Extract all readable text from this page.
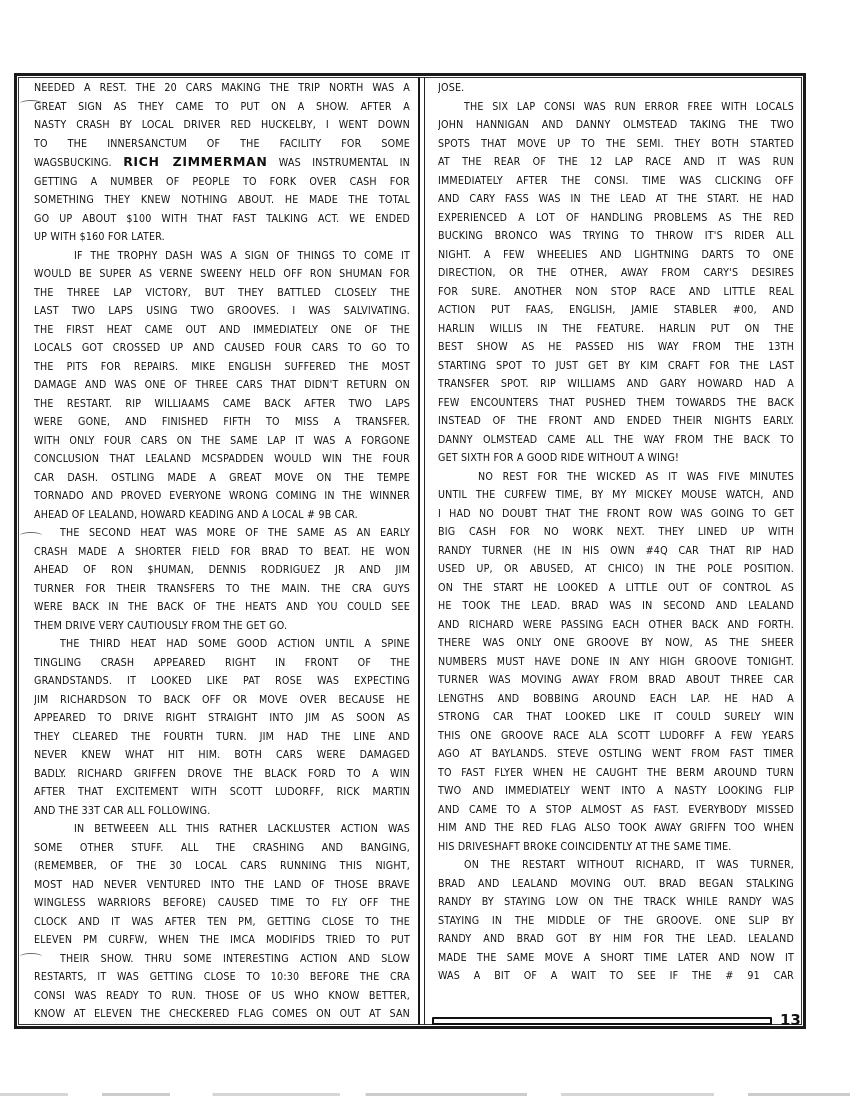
NEEDED A REST. THE 20 CARS MAKING THE TRIP NORTH WAS A
GREAT SIGN AS THEY CAME TO PUT ON A SHOW. AFTER A
NASTY CRASH BY LOCAL DRIVER RED HUCKELBY, I WENT DOWN
TO THE INNERSANCTUM OF THE FACILITY FOR SOME
WAGSBUCKING. RICH ZIMMERMAN WAS INSTRUMENTAL IN
GETTING A NUMBER OF PEOPLE TO FORK OVER CASH FOR
SOMETHING THEY KNEW NOTHING ABOUT. HE MADE THE TOTAL
GO UP ABOUT $100 WITH THAT FAST TALKING ACT. WE ENDED
UP WITH $160 FOR LATER.
IF THE TROPHY DASH WAS A SIGN OF THINGS TO COME IT
WOULD BE SUPER AS VERNE SWEENY HELD OFF RON SHUMAN FOR
THE THREE LAP VICTORY, BUT THEY BATTLED CLOSELY THE
LAST TWO LAPS USING TWO GROOVES. I WAS SALVIVATING.
THE FIRST HEAT CAME OUT AND IMMEDIATELY ONE OF THE
LOCALS GOT CROSSED UP AND CAUSED FOUR CARS TO GO TO
THE PITS FOR REPAIRS. MIKE ENGLISH SUFFERED THE MOST
DAMAGE AND WAS ONE OF THREE CARS THAT DIDN'T RETURN ON
THE RESTART. RIP WILLIAAMS CAME BACK AFTER TWO LAPS
WERE GONE, AND FINISHED FIFTH TO MISS A TRANSFER.
WITH ONLY FOUR CARS ON THE SAME LAP IT WAS A FORGONE
CONCLUSION THAT LEALAND MCSPADDEN WOULD WIN THE FOUR
CAR DASH. OSTLING MADE A GREAT MOVE ON THE TEMPE
TORNADO AND PROVED EVERYONE WRONG COMING IN THE WINNER
AHEAD OF LEALAND, HOWARD KEADING AND A LOCAL # 9B CAR.
THE SECOND HEAT WAS MORE OF THE SAME AS AN EARLY
CRASH MADE A SHORTER FIELD FOR BRAD TO BEAT. HE WON
AHEAD OF RON $HUMAN, DENNIS RODRIGUEZ JR AND JIM
TURNER FOR THEIR TRANSFERS TO THE MAIN. THE CRA GUYS
WERE BACK IN THE BACK OF THE HEATS AND YOU COULD SEE
THEM DRIVE VERY CAUTIOUSLY FROM THE GET GO.
THE THIRD HEAT HAD SOME GOOD ACTION UNTIL A SPINE
TINGLING CRASH APPEARED RIGHT IN FRONT OF THE
GRANDSTANDS. IT LOOKED LIKE PAT ROSE WAS EXPECTING
JIM RICHARDSON TO BACK OFF OR MOVE OVER BECAUSE HE
APPEARED TO DRIVE RIGHT STRAIGHT INTO JIM AS SOON AS
THEY CLEARED THE FOURTH TURN. JIM HAD THE LINE AND
NEVER KNEW WHAT HIT HIM. BOTH CARS WERE DAMAGED
BADLY. RICHARD GRIFFEN DROVE THE BLACK FORD TO A WIN
AFTER THAT EXCITEMENT WITH SCOTT LUDORFF, RICK MARTIN
AND THE 33T CAR ALL FOLLOWING.
IN BETWEEEN ALL THIS RATHER LACKLUSTER ACTION WAS
SOME OTHER STUFF. ALL THE CRASHING AND BANGING,
(REMEMBER, OF THE 30 LOCAL CARS RUNNING THIS NIGHT,
MOST HAD NEVER VENTURED INTO THE LAND OF THOSE BRAVE
WINGLESS WARRIORS BEFORE) CAUSED TIME TO FLY OFF THE
CLOCK AND IT WAS AFTER TEN PM, GETTING CLOSE TO THE
ELEVEN PM CURFW, WHEN THE IMCA MODIFIDS TRIED TO PUT
THEIR SHOW. THRU SOME INTERESTING ACTION AND SLOW
RESTARTS, IT WAS GETTING CLOSE TO 10:30 BEFORE THE CRA
CONSI WAS READY TO RUN. THOSE OF US WHO KNOW BETTER,
KNOW AT ELEVEN THE CHECKERED FLAG COMES ON OUT AT SAN
JOSE.
THE SIX LAP CONSI WAS RUN ERROR FREE WITH LOCALS
JOHN HANNIGAN AND DANNY OLMSTEAD TAKING THE TWO
SPOTS THAT MOVE UP TO THE SEMI. THEY BOTH STARTED
AT THE REAR OF THE 12 LAP RACE AND IT WAS RUN
IMMEDIATELY AFTER THE CONSI. TIME WAS CLICKING OFF
AND CARY FASS WAS IN THE LEAD AT THE START. HE HAD
EXPERIENCED A LOT OF HANDLING PROBLEMS AS THE RED
BUCKING BRONCO WAS TRYING TO THROW IT'S RIDER ALL
NIGHT. A FEW WHEELIES AND LIGHTNING DARTS TO ONE
DIRECTION, OR THE OTHER, AWAY FROM CARY'S DESIRES
FOR SURE. ANOTHER NON STOP RACE AND LITTLE REAL
ACTION PUT FAAS, ENGLISH, JAMIE STABLER #00, AND
HARLIN WILLIS IN THE FEATURE. HARLIN PUT ON THE
BEST SHOW AS HE PASSED HIS WAY FROM THE 13TH
STARTING SPOT TO JUST GET BY KIM CRAFT FOR THE LAST
TRANSFER SPOT. RIP WILLIAMS AND GARY HOWARD HAD A
FEW ENCOUNTERS THAT PUSHED THEM TOWARDS THE BACK
INSTEAD OF THE FRONT AND ENDED THEIR NIGHTS EARLY.
DANNY OLMSTEAD CAME ALL THE WAY FROM THE BACK TO
GET SIXTH FOR A GOOD RIDE WITHOUT A WING!
NO REST FOR THE WICKED AS IT WAS FIVE MINUTES
UNTIL THE CURFEW TIME, BY MY MICKEY MOUSE WATCH, AND
I HAD NO DOUBT THAT THE FRONT ROW WAS GOING TO GET
BIG CASH FOR NO WORK NEXT. THEY LINED UP WITH
RANDY TURNER (HE IN HIS OWN #4Q CAR THAT RIP HAD
USED UP, OR ABUSED, AT CHICO) IN THE POLE POSITION.
ON THE START HE LOOKED A LITTLE OUT OF CONTROL AS
HE TOOK THE LEAD. BRAD WAS IN SECOND AND LEALAND
AND RICHARD WERE PASSING EACH OTHER BACK AND FORTH.
THERE WAS ONLY ONE GROOVE BY NOW, AS THE SHEER
NUMBERS MUST HAVE DONE IN ANY HIGH GROOVE TONIGHT.
TURNER WAS MOVING AWAY FROM BRAD ABOUT THREE CAR
LENGTHS AND BOBBING AROUND EACH LAP. HE HAD A
STRONG CAR THAT LOOKED LIKE IT COULD SURELY WIN
THIS ONE GROOVE RACE ALA SCOTT LUDORFF A FEW YEARS
AGO AT BAYLANDS. STEVE OSTLING WENT FROM FAST TIMER
TO FAST FLYER WHEN HE CAUGHT THE BERM AROUND TURN
TWO AND IMMEDIATELY WENT INTO A NASTY LOOKING FLIP
AND CAME TO A STOP ALMOST AS FAST. EVERYBODY MISSED
HIM AND THE RED FLAG ALSO TOOK AWAY GRIFFN TOO WHEN
HIS DRIVESHAFT BROKE COINCIDENTLY AT THE SAME TIME.
ON THE RESTART WITHOUT RICHARD, IT WAS TURNER,
BRAD AND LEALAND MOVING OUT. BRAD BEGAN STALKING
RANDY BY STAYING LOW ON THE TRACK WHILE RANDY WAS
STAYING IN THE MIDDLE OF THE GROOVE. ONE SLIP BY
RANDY AND BRAD GOT BY HIM FOR THE LEAD. LEALAND
MADE THE SAME MOVE A SHORT TIME LATER AND NOW IT
WAS A BIT OF A WAIT TO SEE IF THE # 91 CAR
13
